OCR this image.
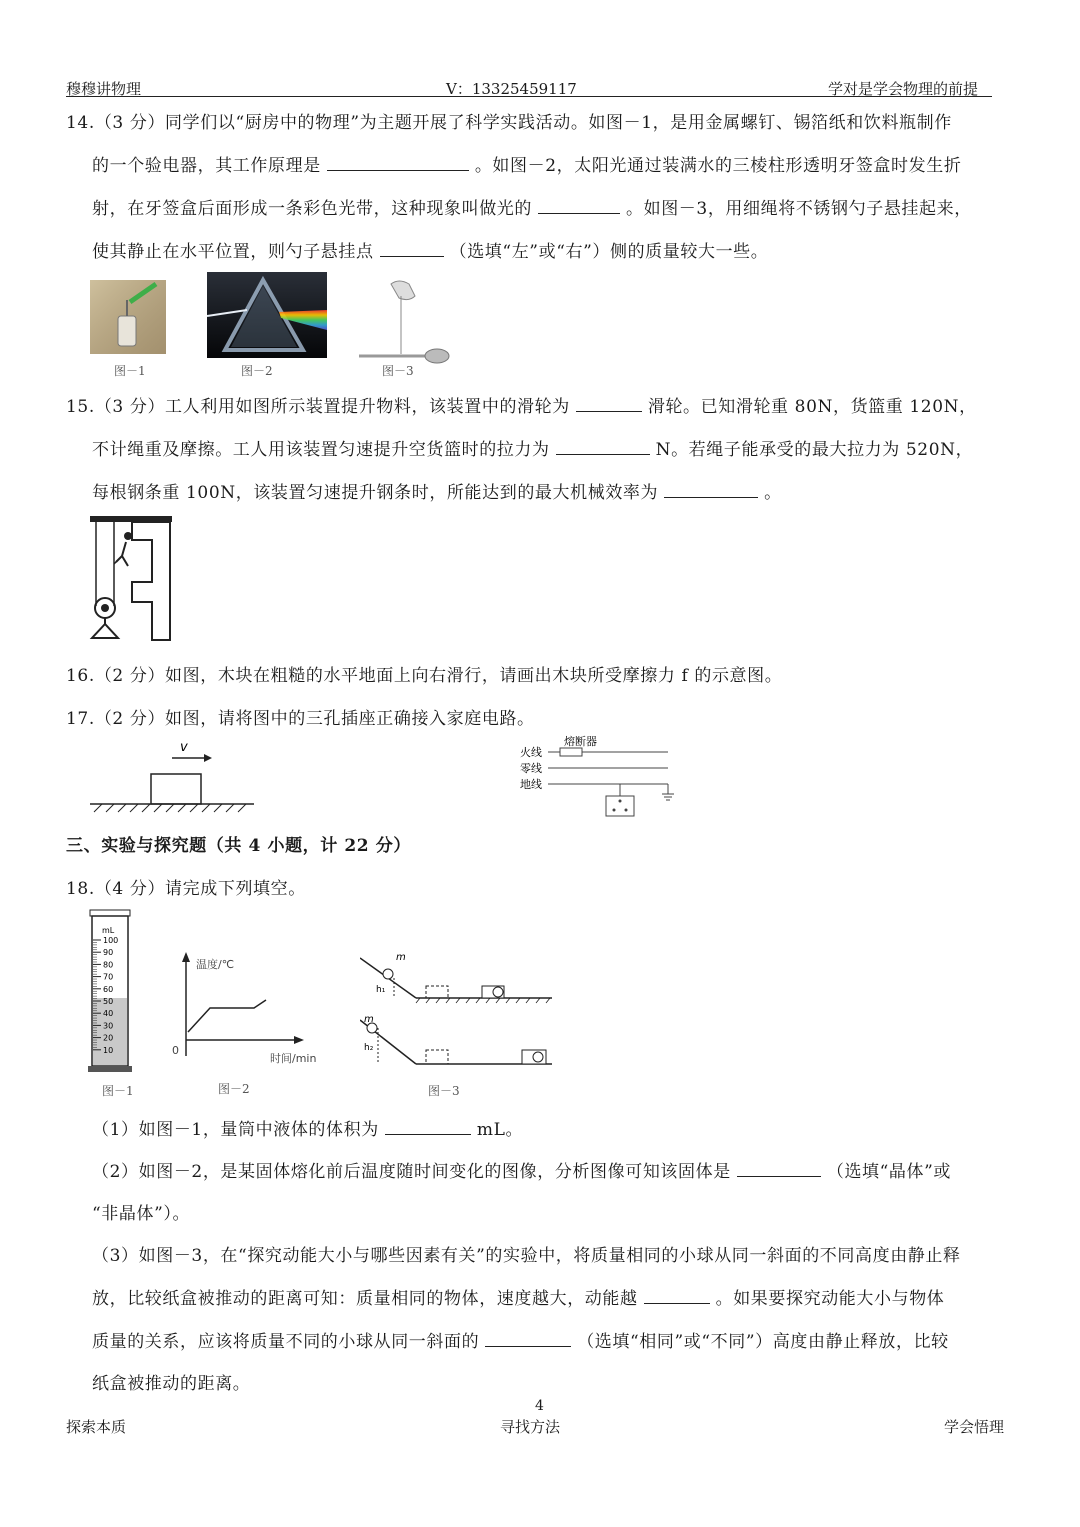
穆穆讲物理	V：13325459117	学对是学会物理的前提
14.（3 分）同学们以“厨房中的物理”为主题开展了科学实践活动。如图－1，是用金属螺钉、锡箔纸和饮料瓶制作
的一个验电器，其工作原理是	。如图－2，太阳光通过装满水的三棱柱形透明牙签盒时发生折
射，在牙签盒后面形成一条彩色光带，这种现象叫做光的	。如图－3，用细绳将不锈钢勺子悬挂起来，
使其静止在水平位置，则勺子悬挂点	（选填“左”或“右”）侧的质量较大一些。
图－1	图－2	图－3
15.（3 分）工人利用如图所示装置提升物料，该装置中的滑轮为	滑轮。已知滑轮重 80N，货篮重 120N，
不计绳重及摩擦。工人用该装置匀速提升空货篮时的拉力为	N。若绳子能承受的最大拉力为 520N，
每根钢条重 100N，该装置匀速提升钢条时，所能达到的最大机械效率为	。
16.（2 分）如图，木块在粗糙的水平地面上向右滑行，请画出木块所受摩擦力 f 的示意图。
17.（2 分）如图，请将图中的三孔插座正确接入家庭电路。
v	火线
零线
地线
熔断器
三、实验与探究题（共 4 小题，计 22 分）
18.（4 分）请完成下列填空。
mL
100
90
80
70
60
50
40
30
20
10
图－1
温度/℃
时间/min
0
图－2
m
h₁
m
h₂
图－3
（1）如图－1，量筒中液体的体积为	mL。
（2）如图－2，是某固体熔化前后温度随时间变化的图像，分析图像可知该固体是	（选填“晶体”或
“非晶体”）。
（3）如图－3，在“探究动能大小与哪些因素有关”的实验中，将质量相同的小球从同一斜面的不同高度由静止释
放，比较纸盒被推动的距离可知：质量相同的物体，速度越大，动能越	。如果要探究动能大小与物体
质量的关系，应该将质量不同的小球从同一斜面的	（选填“相同”或“不同”）高度由静止释放，比较
纸盒被推动的距离。
4
探索本质	寻找方法	学会悟理
